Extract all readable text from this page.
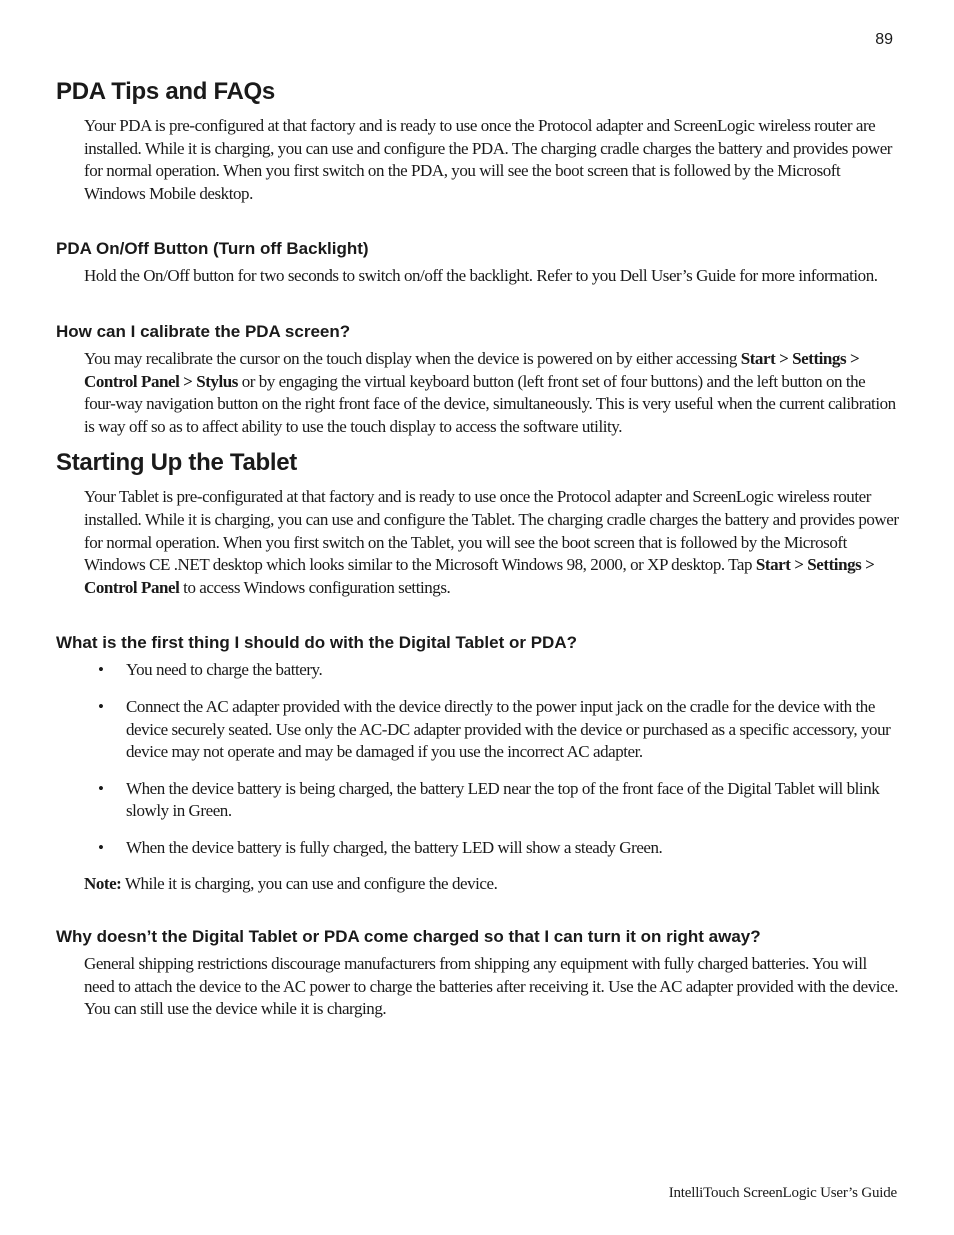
89
PDA Tips and FAQs

Your PDA is pre-configured at that factory and is ready to use once the Protocol adapter and ScreenLogic wireless router are installed. While it is charging, you can use and configure the PDA. The charging cradle charges the battery and provides power for normal operation. When you first switch on the PDA, you will see the boot screen that is followed by the Microsoft Windows Mobile desktop.

PDA On/Off Button (Turn off Backlight)

Hold the On/Off button for two seconds to switch on/off the backlight. Refer to you Dell User’s Guide for more information.

How can I calibrate the PDA screen?

You may recalibrate the cursor on the touch display when the device is powered on by either accessing Start > Settings > Control Panel > Stylus or by engaging the virtual keyboard button (left front set of four buttons) and the left button on the four-way navigation button on the right front face of the device, simultaneously. This is very useful when the current calibration is way off so as to affect ability to use the touch display to access the software utility.

Starting Up the Tablet

Your Tablet is pre-configurated at that factory and is ready to use once the Protocol adapter and ScreenLogic wireless router installed. While it is charging, you can use and configure the Tablet. The charging cradle charges the battery and provides power for normal operation. When you first switch on the Tablet, you will see the boot screen that is followed by the Microsoft Windows CE .NET desktop which looks similar to the Microsoft Windows 98, 2000, or XP desktop. Tap Start > Settings > Control Panel to access Windows configuration settings.

What is the first thing I should do with the Digital Tablet or PDA?
• You need to charge the battery.
• Connect the AC adapter provided with the device directly to the power input jack on the cradle for the device with the device securely seated. Use only the AC-DC adapter provided with the device or purchased as a specific accessory, your device may not operate and may be damaged if you use the incorrect AC adapter.
• When the device battery is being charged, the battery LED near the top of the front face of the Digital Tablet will blink slowly in Green.
• When the device battery is fully charged, the battery LED will show a steady Green.

Note: While it is charging, you can use and configure the device.

Why doesn’t the Digital Tablet or PDA come charged so that I can turn it on right away?

General shipping restrictions discourage manufacturers from shipping any equipment with fully charged batteries. You will need to attach the device to the AC power to charge the batteries after receiving it. Use the AC adapter provided with the device. You can still use the device while it is charging.

IntelliTouch ScreenLogic User’s Guide
